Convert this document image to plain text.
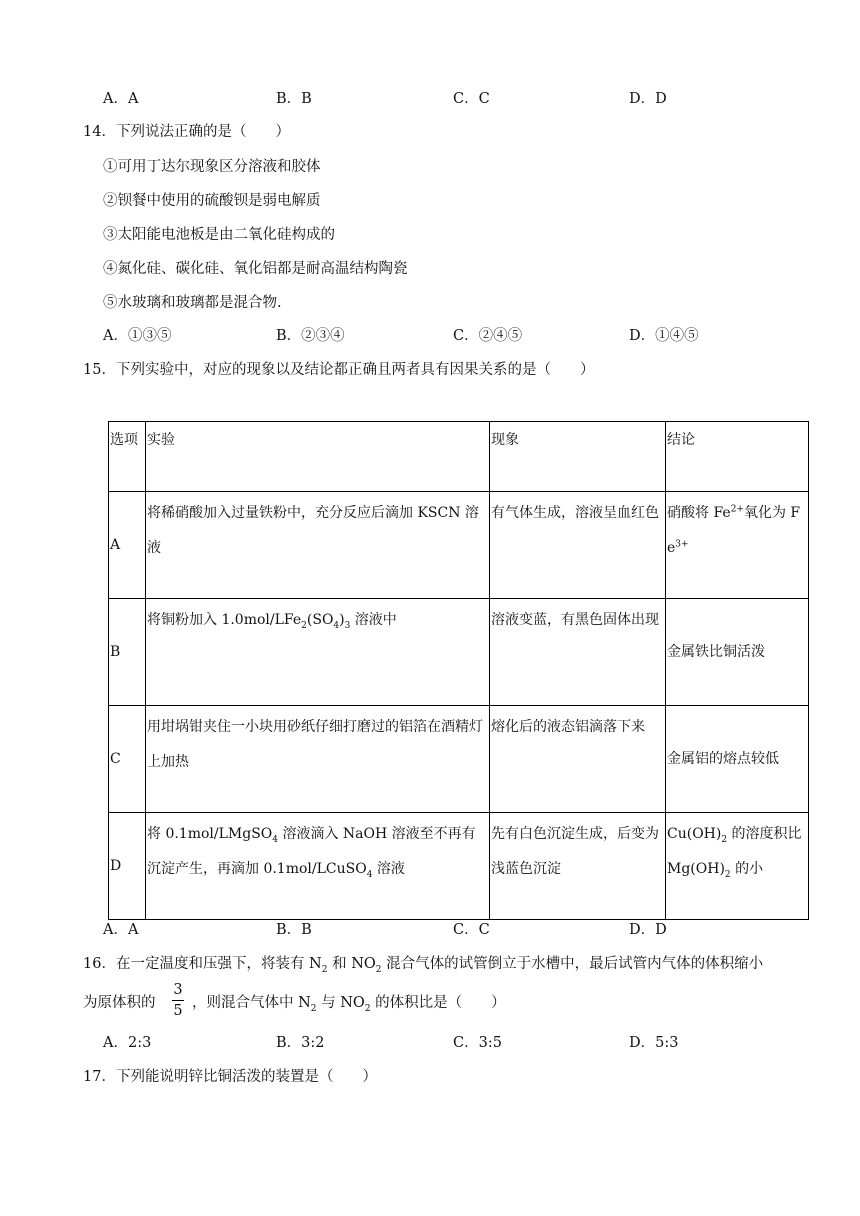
A．A	B．B	C．C	D．D
14．下列说法正确的是（　　）
①可用丁达尔现象区分溶液和胶体
②钡餐中使用的硫酸钡是弱电解质
③太阳能电池板是由二氧化硅构成的
④氮化硅、碳化硅、氧化铝都是耐高温结构陶瓷
⑤水玻璃和玻璃都是混合物.
A．①③⑤	B．②③④	C．②④⑤	D．①④⑤
15．下列实验中，对应的现象以及结论都正确且两者具有因果关系的是（　　）
选项	实验	现象	结论
A	将稀硝酸加入过量铁粉中，充分反应后滴加 KSCN 溶液	有气体生成，溶液呈血红色	硝酸将 $Fe^{2+}$氧化为 $Fe^{3+}$
B	将铜粉加入 $1.0mol/LFe_2(SO_4)_3$ 溶液中	溶液变蓝，有黑色固体出现	金属铁比铜活泼
C	用坩埚钳夹住一小块用砂纸仔细打磨过的铝箔在酒精灯上加热	熔化后的液态铝滴落下来	金属铝的熔点较低
D	将 0.1mol/LMgSO$_4$ 溶液滴入 NaOH 溶液至不再有沉淀产生，再滴加 0.1mol/LCuSO$_4$ 溶液	先有白色沉淀生成，后变为浅蓝色沉淀	$Cu(OH)_2$ 的溶度积比 $Mg(OH)_2$ 的小
A．A	B．B	C．C	D．D
16．在一定温度和压强下，将装有 $N_2$ 和 $NO_2$ 混合气体的试管倒立于水槽中，最后试管内气体的体积缩小
为原体积的
3
5 ，则混合气体中 $N_2$ 与 $NO_2$ 的体积比是（　　）
A．2:3	B．3:2	C．3:5	D．5:3
17．下列能说明锌比铜活泼的装置是（　　）
